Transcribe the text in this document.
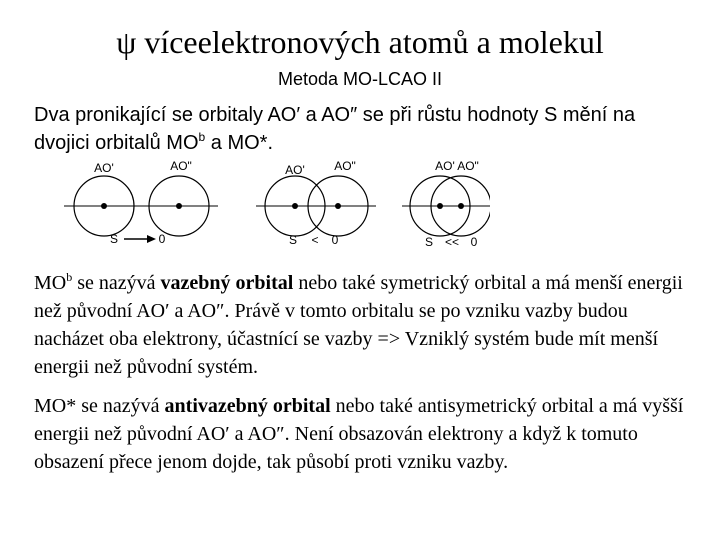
ψ víceelektronových atomů a molekul
Metoda MO-LCAO II
Dva pronikající se orbitaly AO′ a AO″ se při růstu hodnoty S mění na dvojici orbitalů $MO^b$ a MO*.
AO'	AO"
S	0
AO' AO"
S < 0
AO' AO"
S << 0
$MO^b$ se nazývá vazebný orbital nebo také symetrický orbital a má menší energii než původní AO′ a AO″. Právě v tomto orbitalu se po vzniku vazby budou nacházet oba elektrony, účastnící se vazby => Vzniklý systém bude mít menší energii než původní systém.
MO* se nazývá antivazebný orbital nebo také antisymetrický orbital a má vyšší energii než původní AO′ a AO″. Není obsazován elektrony a když k tomuto obsazení přece jenom dojde, tak působí proti vzniku vazby.
